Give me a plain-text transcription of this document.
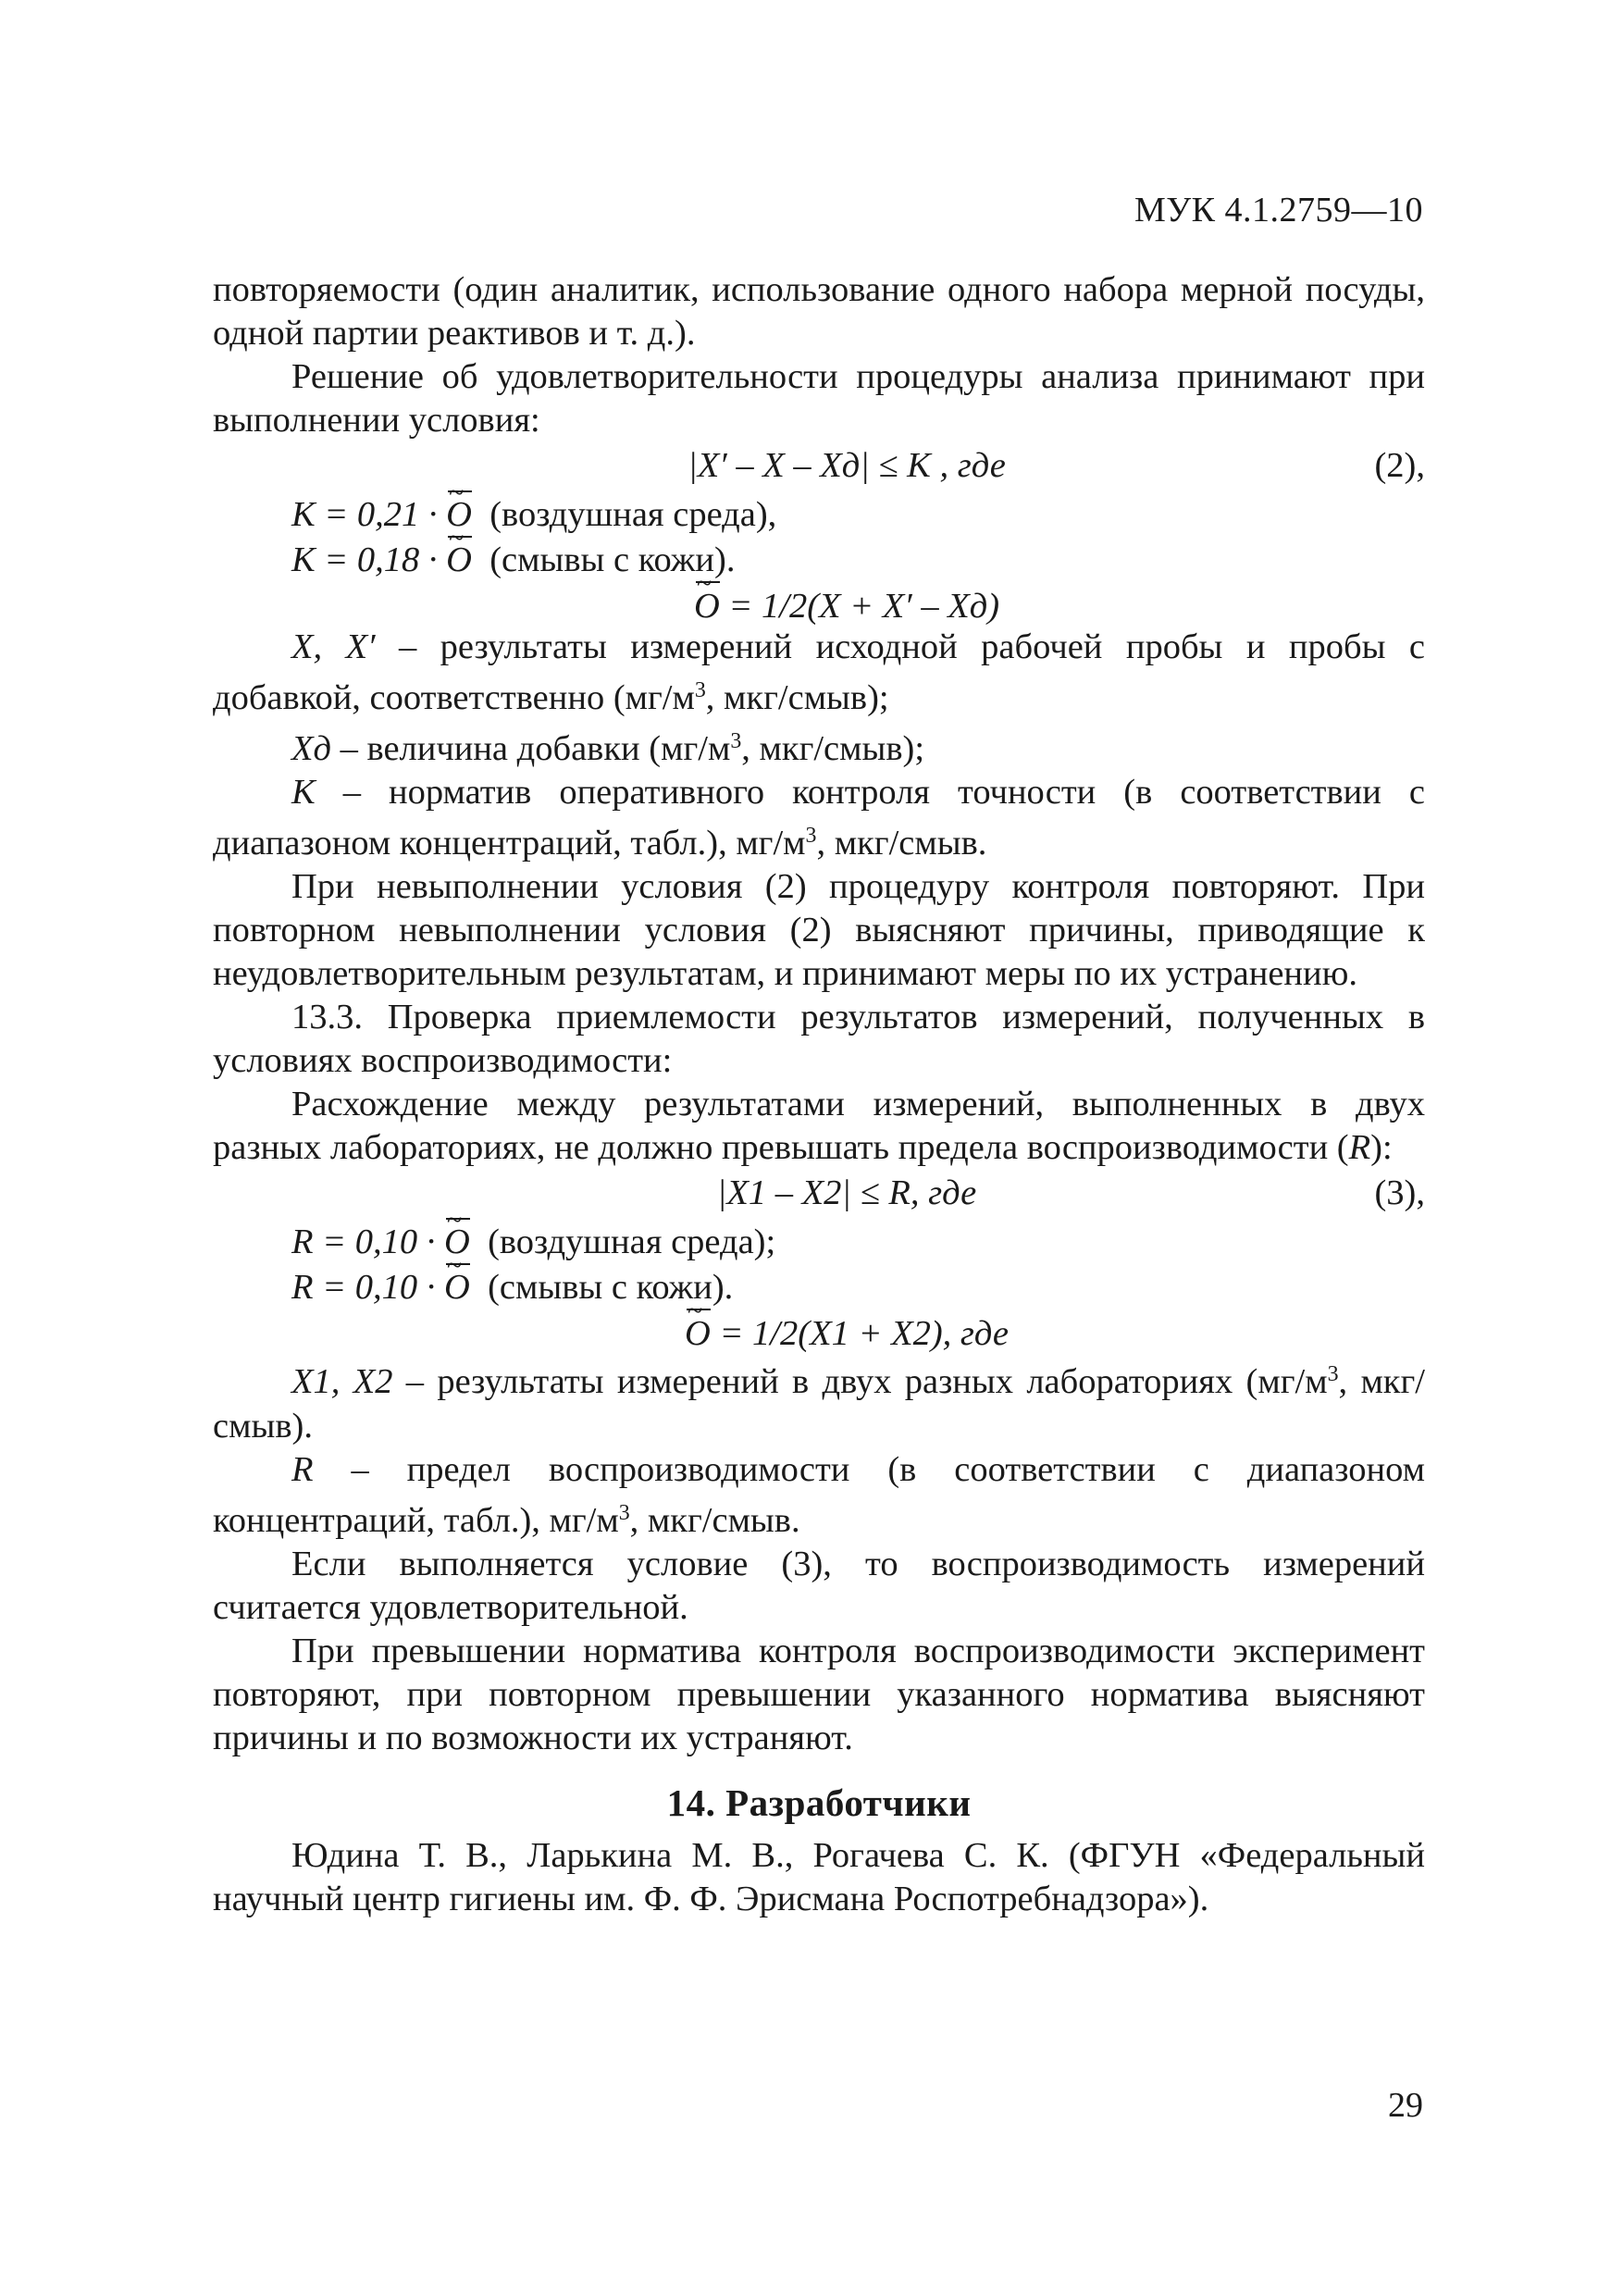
МУК 4.1.2759—10

повторяемости (один аналитик, использование одного набора мерной посуды, одной партии реактивов и т. д.).

Решение об удовлетворительности процедуры анализа принимают при выполнении условия:

|X′ – X – Xд| ≤ K , где	(2),
K = 0,21 · O ~ (воздушная среда),
K = 0,18 · O ~ (смывы с кожи).
O ~ = 1/2(X + X′ – Xд)

X, X′ – результаты измерений исходной рабочей пробы и пробы с добавкой, соответственно ($мг/м^3$, мкг/смыв);

Xд – величина добавки ($мг/м^3$, мкг/смыв);

K – норматив оперативного контроля точности (в соответствии с диапазоном концентраций, табл.), $мг/м^3$, мкг/смыв.

При невыполнении условия (2) процедуру контроля повторяют. При повторном невыполнении условия (2) выясняют причины, приводящие к неудовлетворительным результатам, и принимают меры по их устранению.

13.3. Проверка приемлемости результатов измерений, полученных в условиях воспроизводимости:

Расхождение между результатами измерений, выполненных в двух разных лабораториях, не должно превышать предела воспроизводимости (R):

|X1 – X2| ≤ R, где	(3),
R = 0,10 · O ~ (воздушная среда);
R = 0,10 · O ~ (смывы с кожи).
O ~ = 1/2(X1 + X2), где

X1, X2 – результаты измерений в двух разных лабораториях ($мг/м^3$, мкг/смыв).

R – предел воспроизводимости (в соответствии с диапазоном концентраций, табл.), $мг/м^3$, мкг/смыв.

Если выполняется условие (3), то воспроизводимость измерений считается удовлетворительной.

При превышении норматива контроля воспроизводимости эксперимент повторяют, при повторном превышении указанного норматива выясняют причины и по возможности их устраняют.

14. Разработчики

Юдина Т. В., Ларькина М. В., Рогачева С. К. (ФГУН «Федеральный научный центр гигиены им. Ф. Ф. Эрисмана Роспотребнадзора»).

29
